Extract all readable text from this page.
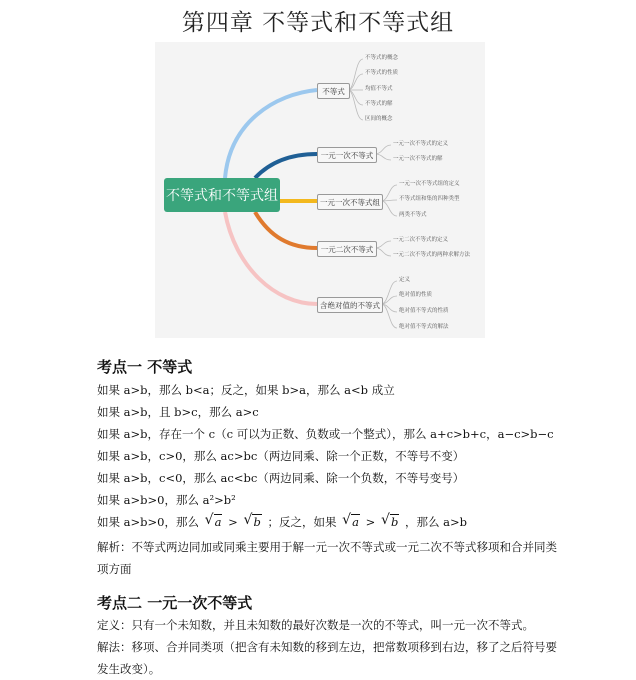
第四章 不等式和不等式组
不等式和不等式组
不等式
一元一次不等式
一元一次不等式组
一元二次不等式
含绝对值的不等式
不等式的概念
不等式的性质
均值不等式
不等式的解
区间的概念
一元一次不等式的定义
一元一次不等式的解
一元一次不等式组的定义
不等式组和集的四种类型
两类不等式
一元二次不等式的定义
一元二次不等式的两种求解方法
定义
绝对值的性质
绝对值不等式的性质
绝对值不等式的解法
考点一 不等式
如果 a>b，那么 b<a；反之，如果 b>a，那么 a<b 成立
如果 a>b，且 b>c，那么 a>c
如果 a>b，存在一个 c（c 可以为正数、负数或一个整式），那么 a+c>b+c，a−c>b−c
如果 a>b，c>0，那么 ac>bc（两边同乘、除一个正数，不等号不变）
如果 a>b，c<0，那么 ac<bc（两边同乘、除一个负数，不等号变号）
如果 a>b>0，那么 a²>b²
如果 a>b>0，那么 √ a > √ b ；反之，如果 √ a > √ b ，那么 a>b
解析：不等式两边同加或同乘主要用于解一元一次不等式或一元二次不等式移项和合并同类项方面
考点二 一元一次不等式
定义：只有一个未知数，并且未知数的最好次数是一次的不等式，叫一元一次不等式。
解法：移项、合并同类项（把含有未知数的移到左边，把常数项移到右边，移了之后符号要发生改变）。
